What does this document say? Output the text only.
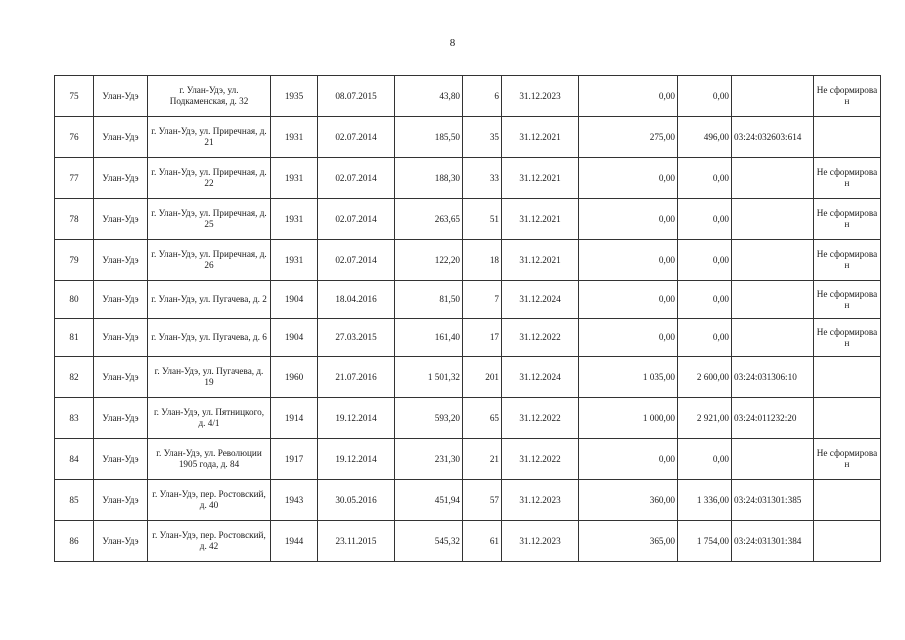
8
75	Улан-Удэ	г. Улан-Удэ, ул. Подкаменская, д. 32	1935	08.07.2015	43,80	6	31.12.2023	0,00	0,00		Не сформирован
76	Улан-Удэ	г. Улан-Удэ, ул. Приречная, д. 21	1931	02.07.2014	185,50	35	31.12.2021	275,00	496,00	03:24:032603:614	
77	Улан-Удэ	г. Улан-Удэ, ул. Приречная, д. 22	1931	02.07.2014	188,30	33	31.12.2021	0,00	0,00		Не сформирован
78	Улан-Удэ	г. Улан-Удэ, ул. Приречная, д. 25	1931	02.07.2014	263,65	51	31.12.2021	0,00	0,00		Не сформирован
79	Улан-Удэ	г. Улан-Удэ, ул. Приречная, д. 26	1931	02.07.2014	122,20	18	31.12.2021	0,00	0,00		Не сформирован
80	Улан-Удэ	г. Улан-Удэ, ул. Пугачева, д. 2	1904	18.04.2016	81,50	7	31.12.2024	0,00	0,00		Не сформирован
81	Улан-Удэ	г. Улан-Удэ, ул. Пугачева, д. 6	1904	27.03.2015	161,40	17	31.12.2022	0,00	0,00		Не сформирован
82	Улан-Удэ	г. Улан-Удэ, ул. Пугачева, д. 19	1960	21.07.2016	1 501,32	201	31.12.2024	1 035,00	2 600,00	03:24:031306:10	
83	Улан-Удэ	г. Улан-Удэ, ул. Пятницкого, д. 4/1	1914	19.12.2014	593,20	65	31.12.2022	1 000,00	2 921,00	03:24:011232:20	
84	Улан-Удэ	г. Улан-Удэ, ул. Революции 1905 года, д. 84	1917	19.12.2014	231,30	21	31.12.2022	0,00	0,00		Не сформирован
85	Улан-Удэ	г. Улан-Удэ, пер. Ростовский, д. 40	1943	30.05.2016	451,94	57	31.12.2023	360,00	1 336,00	03:24:031301:385	
86	Улан-Удэ	г. Улан-Удэ, пер. Ростовский, д. 42	1944	23.11.2015	545,32	61	31.12.2023	365,00	1 754,00	03:24:031301:384	
